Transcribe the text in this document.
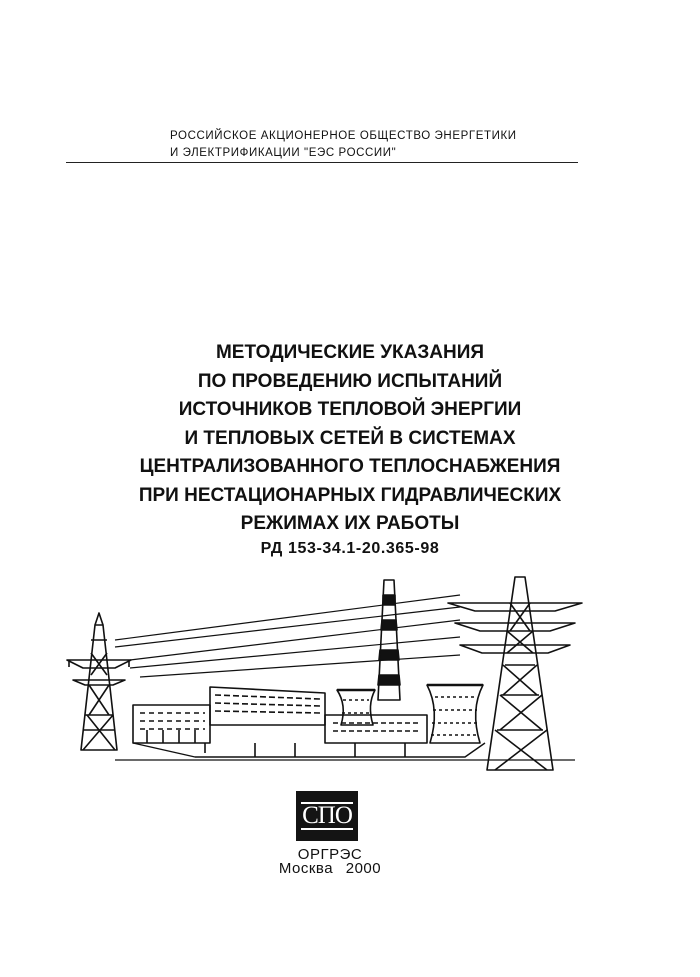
РОССИЙСКОЕ АКЦИОНЕРНОЕ ОБЩЕСТВО ЭНЕРГЕТИКИ
И ЭЛЕКТРИФИКАЦИИ "ЕЭС РОССИИ"
МЕТОДИЧЕСКИЕ УКАЗАНИЯ
ПО ПРОВЕДЕНИЮ ИСПЫТАНИЙ
ИСТОЧНИКОВ ТЕПЛОВОЙ ЭНЕРГИИ
И ТЕПЛОВЫХ СЕТЕЙ В СИСТЕМАХ
ЦЕНТРАЛИЗОВАННОГО ТЕПЛОСНАБЖЕНИЯ
ПРИ НЕСТАЦИОНАРНЫХ ГИДРАВЛИЧЕСКИХ
РЕЖИМАХ ИХ РАБОТЫ
РД 153-34.1-20.365-98
СПО
ОРГРЭС
Москва 2000
